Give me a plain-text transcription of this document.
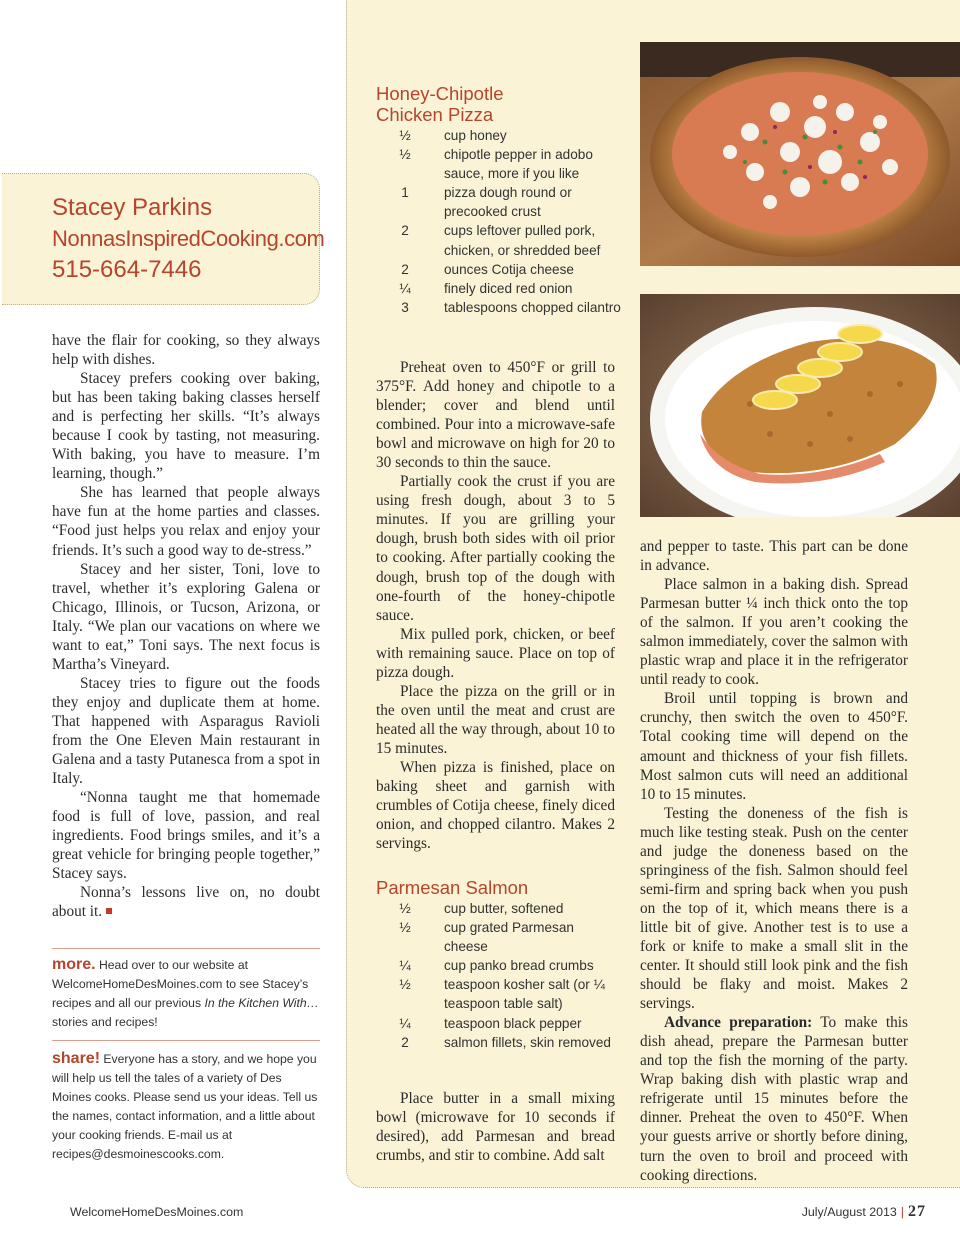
Stacey Parkins
NonnasInspiredCooking.com
515-664-7446

have the flair for cooking, so they always help with dishes.

Stacey prefers cooking over baking, but has been taking baking classes herself and is perfecting her skills. “It’s always because I cook by tasting, not measuring. With baking, you have to measure. I’m learning, though.”

She has learned that people always have fun at the home parties and classes. “Food just helps you relax and enjoy your friends. It’s such a good way to de-stress.”

Stacey and her sister, Toni, love to travel, whether it’s exploring Galena or Chicago, Illinois, or Tucson, Arizona, or Italy. “We plan our vacations on where we want to eat,” Toni says. The next focus is Martha’s Vineyard.

Stacey tries to figure out the foods they enjoy and duplicate them at home. That happened with Asparagus Ravioli from the One Eleven Main restaurant in Galena and a tasty Putanesca from a spot in Italy.

“Nonna taught me that homemade food is full of love, passion, and real ingredients. Food brings smiles, and it’s a great vehicle for bringing people together,” Stacey says.

Nonna’s lessons live on, no doubt about it.

more. Head over to our website at WelcomeHomeDesMoines.com to see Stacey’s recipes and all our previous In the Kitchen With… stories and recipes!
share! Everyone has a story, and we hope you will help us tell the tales of a variety of Des Moines cooks. Please send us your ideas. Tell us the names, contact information, and a little about your cooking friends. E-mail us at recipes@desmoinescooks.com.
Honey-Chipotle
Chicken Pizza
½	cup honey
½	chipotle pepper in adobo sauce, more if you like
1	pizza dough round or precooked crust
2	cups leftover pulled pork, chicken, or shredded beef
2	ounces Cotija cheese
¼	finely diced red onion
3	tablespoons chopped cilantro

Preheat oven to 450°F or grill to 375°F. Add honey and chipotle to a blender; cover and blend until combined. Pour into a microwave-safe bowl and microwave on high for 20 to 30 seconds to thin the sauce.

Partially cook the crust if you are using fresh dough, about 3 to 5 minutes. If you are grilling your dough, brush both sides with oil prior to cooking. After partially cooking the dough, brush top of the dough with one-fourth of the honey-chipotle sauce.

Mix pulled pork, chicken, or beef with remaining sauce. Place on top of pizza dough.

Place the pizza on the grill or in the oven until the meat and crust are heated all the way through, about 10 to 15 minutes.

When pizza is finished, place on baking sheet and garnish with crumbles of Cotija cheese, finely diced onion, and chopped cilantro. Makes 2 servings.

Parmesan Salmon
½	cup butter, softened
½	cup grated Parmesan cheese
¼	cup panko bread crumbs
½	teaspoon kosher salt (or ¼ teaspoon table salt)
¼	teaspoon black pepper
2	salmon fillets, skin removed

Place butter in a small mixing bowl (microwave for 10 seconds if desired), add Parmesan and bread crumbs, and stir to combine. Add salt

and pepper to taste. This part can be done in advance.

Place salmon in a baking dish. Spread Parmesan butter ¼ inch thick onto the top of the salmon. If you aren’t cooking the salmon immediately, cover the salmon with plastic wrap and place it in the refrigerator until ready to cook.

Broil until topping is brown and crunchy, then switch the oven to 450°F. Total cooking time will depend on the amount and thickness of your fish fillets. Most salmon cuts will need an additional 10 to 15 minutes.

Testing the doneness of the fish is much like testing steak. Push on the center and judge the doneness based on the springiness of the fish. Salmon should feel semi-firm and spring back when you push on the top of it, which means there is a little bit of give. Another test is to use a fork or knife to make a small slit in the center. It should still look pink and the fish should be flaky and moist. Makes 2 servings.

Advance preparation: To make this dish ahead, prepare the Parmesan butter and top the fish the morning of the party. Wrap baking dish with plastic wrap and refrigerate until 15 minutes before the dinner. Preheat the oven to 450°F. When your guests arrive or shortly before dining, turn the oven to broil and proceed with cooking directions.

WelcomeHomeDesMoines.com	July/August 2013 | 27
